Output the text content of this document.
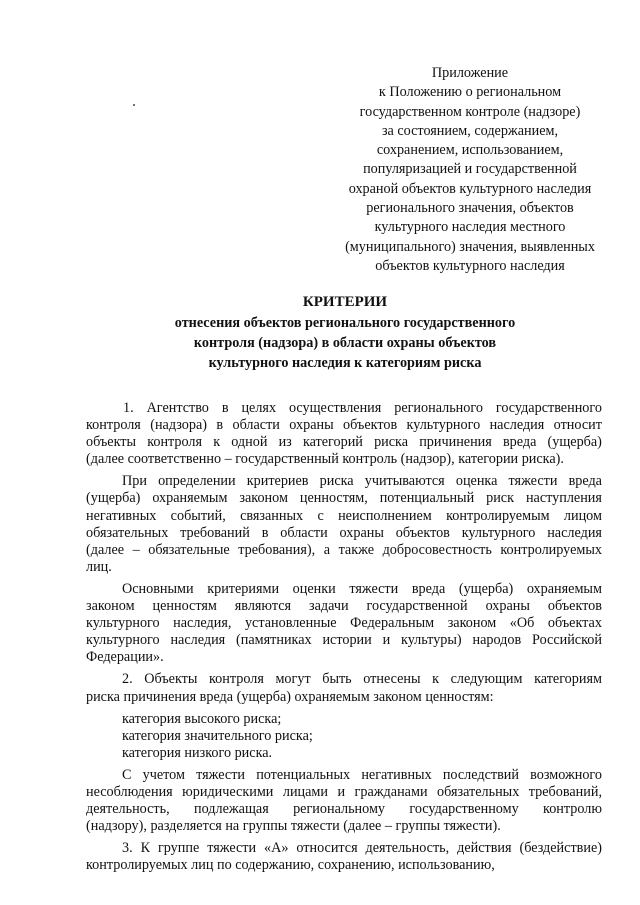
Приложение
к Положению о региональном
государственном контроле (надзоре)
за состоянием, содержанием,
сохранением, использованием,
популяризацией и государственной
охраной объектов культурного наследия
регионального значения, объектов
культурного наследия местного
(муниципального) значения, выявленных
объектов культурного наследия
КРИТЕРИИ
отнесения объектов регионального государственного
контроля (надзора) в области охраны объектов
культурного наследия к категориям риска
1. Агентство в целях осуществления регионального государственного
контроля (надзора) в области охраны объектов культурного наследия относит
объекты контроля к одной из категорий риска причинения вреда (ущерба)
(далее соответственно – государственный контроль (надзор), категории риска).
При определении критериев риска учитываются оценка тяжести вреда
(ущерба) охраняемым законом ценностям, потенциальный риск наступления
негативных событий, связанных с неисполнением контролируемым лицом
обязательных требований в области охраны объектов культурного наследия
(далее – обязательные требования), а также добросовестность контролируемых
лиц.
Основными критериями оценки тяжести вреда (ущерба) охраняемым
законом ценностям являются задачи государственной охраны объектов
культурного наследия, установленные Федеральным законом «Об объектах
культурного наследия (памятниках истории и культуры) народов Российской
Федерации».
2. Объекты контроля могут быть отнесены к следующим категориям
риска причинения вреда (ущерба) охраняемым законом ценностям:
категория высокого риска;
категория значительного риска;
категория низкого риска.
С учетом тяжести потенциальных негативных последствий возможного
несоблюдения юридическими лицами и гражданами обязательных требований,
деятельность, подлежащая региональному государственному контролю
(надзору), разделяется на группы тяжести (далее – группы тяжести).
3. К группе тяжести «А» относится деятельность, действия (бездействие)
контролируемых лиц по содержанию, сохранению, использованию,
